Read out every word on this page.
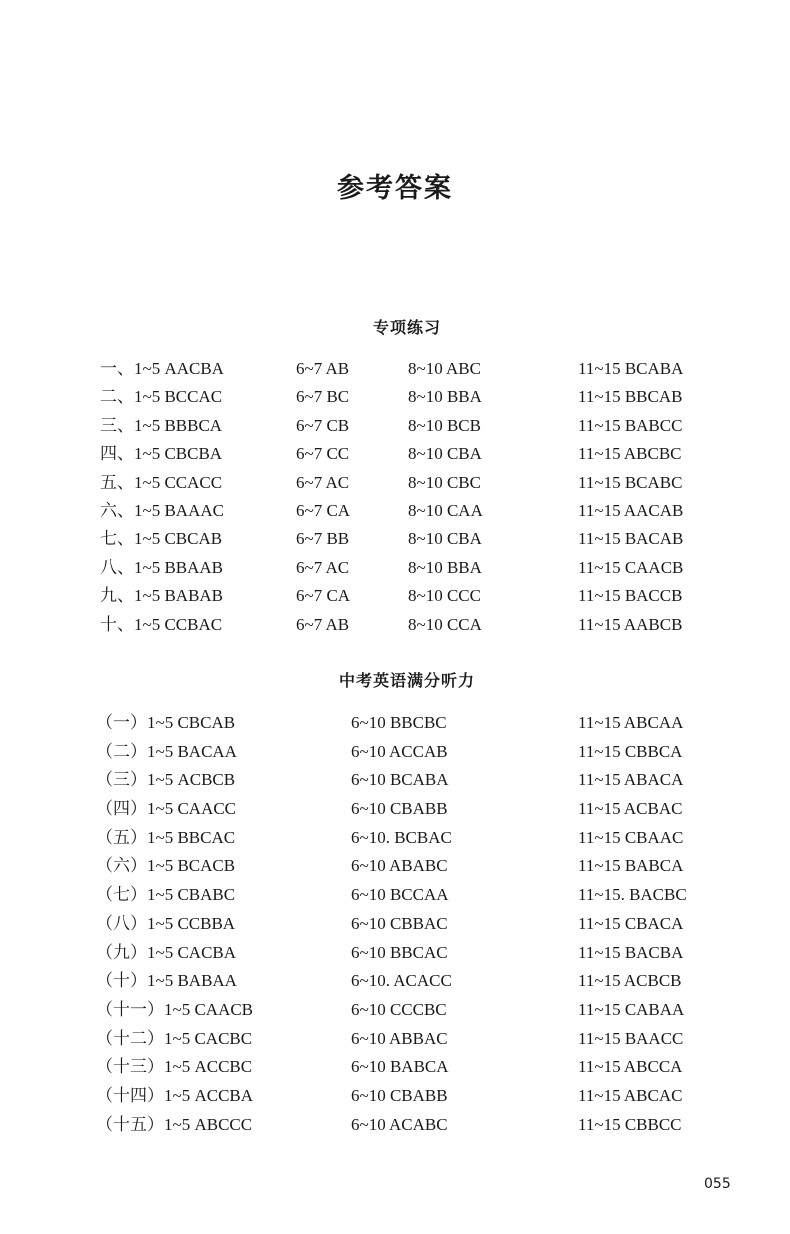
参考答案
专项练习
一、1~5 AACBA	6~7 AB	8~10 ABC	11~15 BCABA
二、1~5 BCCAC	6~7 BC	8~10 BBA	11~15 BBCAB
三、1~5 BBBCA	6~7 CB	8~10 BCB	11~15 BABCC
四、1~5 CBCBA	6~7 CC	8~10 CBA	11~15 ABCBC
五、1~5 CCACC	6~7 AC	8~10 CBC	11~15 BCABC
六、1~5 BAAAC	6~7 CA	8~10 CAA	11~15 AACAB
七、1~5 CBCAB	6~7 BB	8~10 CBA	11~15 BACAB
八、1~5 BBAAB	6~7 AC	8~10 BBA	11~15 CAACB
九、1~5 BABAB	6~7 CA	8~10 CCC	11~15 BACCB
十、1~5 CCBAC	6~7 AB	8~10 CCA	11~15 AABCB
中考英语满分听力
（一）1~5 CBCAB	6~10 BBCBC	11~15 ABCAA
（二）1~5 BACAA	6~10 ACCAB	11~15 CBBCA
（三）1~5 ACBCB	6~10 BCABA	11~15 ABACA
（四）1~5 CAACC	6~10 CBABB	11~15 ACBAC
（五）1~5 BBCAC	6~10. BCBAC	11~15 CBAAC
（六）1~5 BCACB	6~10 ABABC	11~15 BABCA
（七）1~5 CBABC	6~10 BCCAA	11~15. BACBC
（八）1~5 CCBBA	6~10 CBBAC	11~15 CBACA
（九）1~5 CACBA	6~10 BBCAC	11~15 BACBA
（十）1~5 BABAA	6~10. ACACC	11~15 ACBCB
（十一）1~5 CAACB	6~10 CCCBC	11~15 CABAA
（十二）1~5 CACBC	6~10 ABBAC	11~15 BAACC
（十三）1~5 ACCBC	6~10 BABCA	11~15 ABCCA
（十四）1~5 ACCBA	6~10 CBABB	11~15 ABCAC
（十五）1~5 ABCCC	6~10 ACABC	11~15 CBBCC
055
